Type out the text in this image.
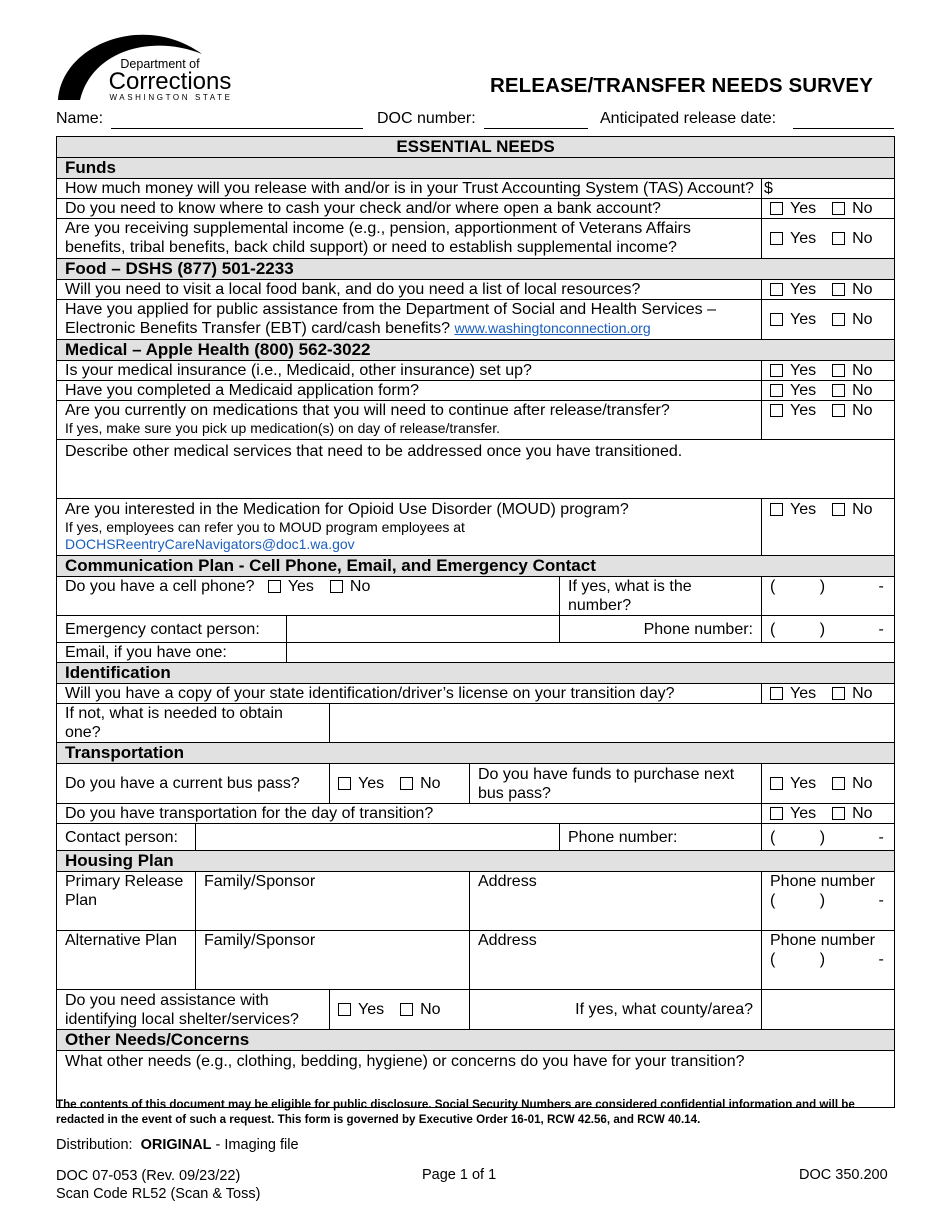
Department of
Corrections
WASHINGTON STATE
RELEASE/TRANSFER NEEDS SURVEY
Name:	DOC number:	Anticipated release date:
ESSENTIAL NEEDS						
Funds						
How much money will you release with and/or is in your Trust Accounting System (TAS) Account?						$
Do you need to know where to cash your check and/or where open a bank account?						Yes No
Are you receiving supplemental income (e.g., pension, apportionment of Veterans Affairs benefits, tribal benefits, back child support) or need to establish supplemental income?						Yes No
Food – DSHS (877) 501-2233						
Will you need to visit a local food bank, and do you need a list of local resources?						Yes No
Have you applied for public assistance from the Department of Social and Health Services – Electronic Benefits Transfer (EBT) card/cash benefits? www.washingtonconnection.org						Yes No
Medical – Apple Health (800) 562-3022						
Is your medical insurance (i.e., Medicaid, other insurance) set up?						Yes No
Have you completed a Medicaid application form?						Yes No

Are you currently on medications that you will need to continue after release/transfer?
If yes, make sure you pick up medication(s) on day of release/transfer.						Yes No
Describe other medical services that need to be addressed once you have transitioned.						

Are you interested in the Medication for Opioid Use Disorder (MOUD) program?
If yes, employees can refer you to MOUD program employees at
DOCHSReentryCareNavigators@doc1.wa.gov						Yes No
Communication Plan - Cell Phone, Email, and Emergency Contact						
Do you have a cell phone? Yes No					If yes, what is the number?	(          )            -
Emergency contact person:					Phone number:	(          )            -
Email, if you have one:						
Identification						
Will you have a copy of your state identification/driver’s license on your transition day?						Yes No
If not, what is needed to obtain one?						
Transportation						
Do you have a current bus pass?			Yes No	Do you have funds to purchase next bus pass?		Yes No
Do you have transportation for the day of transition?						Yes No
Contact person:					Phone number:	(          )            -
Housing Plan						
Primary Release Plan	Family/Sponsor			Address		Phone number
(          )            -

Alternative Plan	Family/Sponsor			Address		Phone number
(          )            -

Do you need assistance with identifying local shelter/services?			Yes No	If yes, what county/area?		
Other Needs/Concerns						
What other needs (e.g., clothing, bedding, hygiene) or concerns do you have for your transition?						
The contents of this document may be eligible for public disclosure. Social Security Numbers are considered confidential information and will be redacted in the event of such a request. This form is governed by Executive Order 16-01, RCW 42.56, and RCW 40.14.
Distribution: ORIGINAL - Imaging file
DOC 07-053 (Rev. 09/23/22)
Scan Code RL52 (Scan & Toss)
Page 1 of 1	DOC 350.200
